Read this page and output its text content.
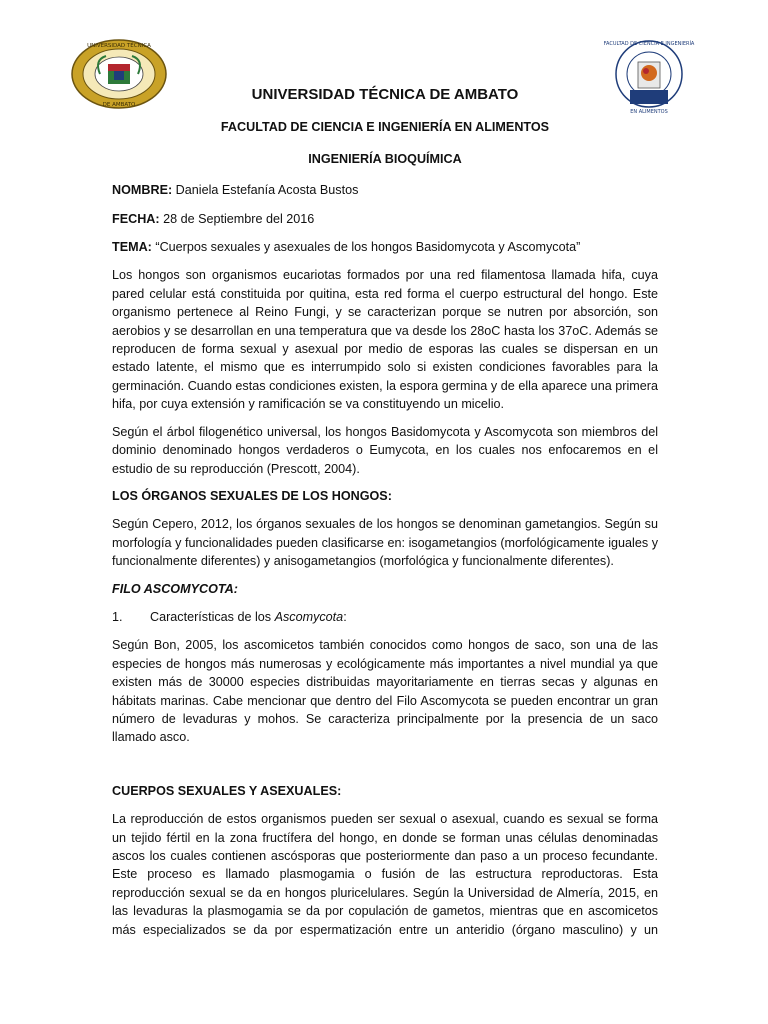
UNIVERSIDAD TÉCNICA
DE AMBATO
FACULTAD DE CIENCIA E INGENIERÍA
EN ALIMENTOS
UNIVERSIDAD TÉCNICA DE AMBATO
FACULTAD DE CIENCIA E INGENIERÍA EN ALIMENTOS
INGENIERÍA BIOQUÍMICA
NOMBRE: Daniela Estefanía Acosta Bustos
FECHA: 28 de Septiembre del 2016
TEMA: “Cuerpos sexuales y asexuales de los hongos Basidomycota y Ascomycota”

Los hongos son organismos eucariotas formados por una red filamentosa llamada hifa, cuya pared celular está constituida por quitina, esta red forma el cuerpo estructural del hongo. Este organismo pertenece al Reino Fungi, y se caracterizan porque se nutren por absorción, son aerobios y se desarrollan en una temperatura que va desde los 28oC hasta los 37oC. Además se reproducen de forma sexual y asexual por medio de esporas las cuales se dispersan en un estado latente, el mismo que es interrumpido solo si existen condiciones favorables para la germinación. Cuando estas condiciones existen, la espora germina y de ella aparece una primera hifa, por cuya extensión y ramificación se va constituyendo un micelio.

Según el árbol filogenético universal, los hongos Basidomycota y Ascomycota son miembros del dominio denominado hongos verdaderos o Eumycota, en los cuales nos enfocaremos en el estudio de su reproducción (Prescott, 2004).

LOS ÓRGANOS SEXUALES DE LOS HONGOS:

Según Cepero, 2012, los órganos sexuales de los hongos se denominan gametangios. Según su morfología y funcionalidades pueden clasificarse en: isogametangios (morfológicamente iguales y funcionalmente diferentes) y anisogametangios (morfológica y funcionalmente diferentes).

FILO ASCOMYCOTA:
1.	Características de los Ascomycota:

Según Bon, 2005, los ascomicetos también conocidos como hongos de saco, son una de las especies de hongos más numerosas y ecológicamente más importantes a nivel mundial ya que existen más de 30000 especies distribuidas mayoritariamente en tierras secas y algunas en hábitats marinas. Cabe mencionar que dentro del Filo Ascomycota se pueden encontrar un gran número de levaduras y mohos. Se caracteriza principalmente por la presencia de un saco llamado asco.

CUERPOS SEXUALES Y ASEXUALES:

La reproducción de estos organismos pueden ser sexual o asexual, cuando es sexual se forma un tejido fértil en la zona fructífera del hongo, en donde se forman unas células denominadas ascos los cuales contienen ascósporas que posteriormente dan paso a un proceso fecundante. Este proceso es llamado plasmogamia o fusión de las estructura reproductoras. Esta reproducción sexual se da en hongos pluricelulares. Según la Universidad de Almería, 2015, en las levaduras la plasmogamia se da por copulación de gametos, mientras que en ascomicetos más especializados se da por espermatización entre un anteridio (órgano masculino) y un
